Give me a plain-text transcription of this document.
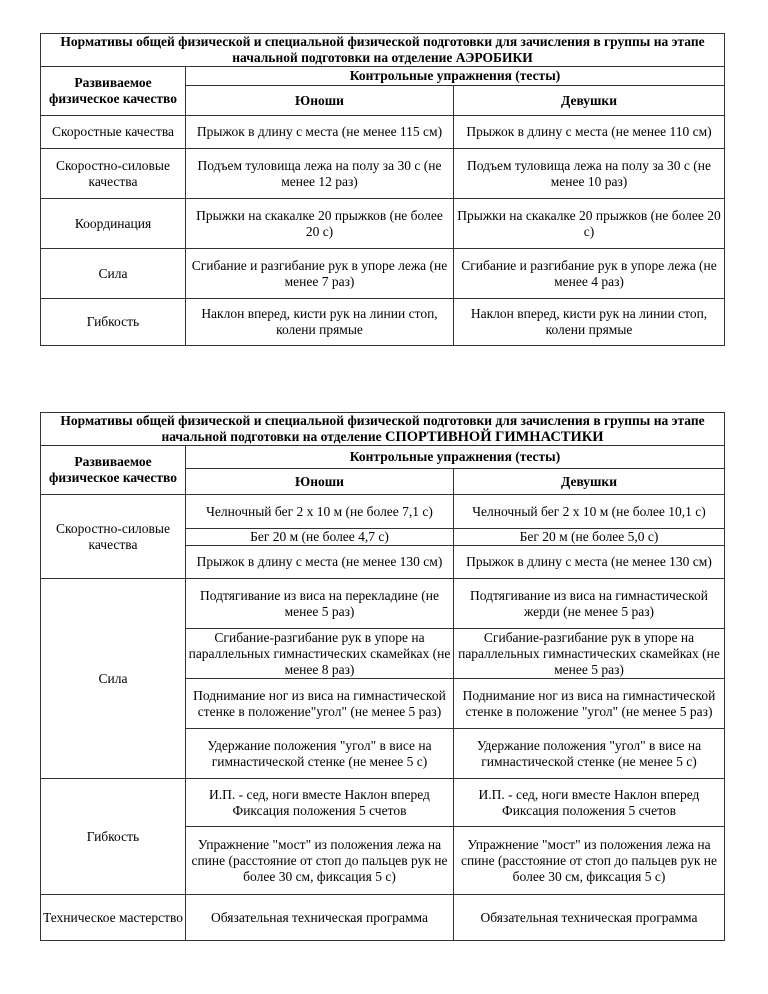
Нормативы общей физической и специальной физической подготовки для зачисления в группы на этапе начальной подготовки на отделение АЭРОБИКИ		
Развиваемое физическое качество	Контрольные упражнения (тесты)	
	Юноши	Девушки
Скоростные качества	Прыжок в длину с места (не менее 115 см)	Прыжок в длину с места (не менее 110 см)
Скоростно-силовые качества	Подъем туловища лежа на полу за 30 с (не менее 12 раз)	Подъем туловища лежа на полу за 30 с (не менее 10 раз)
Координация	Прыжки на скакалке 20 прыжков (не более 20 с)	Прыжки на скакалке 20 прыжков (не более 20 с)
Сила	Сгибание и разгибание рук в упоре лежа (не менее 7 раз)	Сгибание и разгибание рук в упоре лежа (не менее 4 раз)
Гибкость	Наклон вперед, кисти рук на линии стоп, колени прямые	Наклон вперед, кисти рук на линии стоп, колени прямые
Нормативы общей физической и специальной физической подготовки для зачисления в группы на этапе начальной подготовки на отделение СПОРТИВНОЙ ГИМНАСТИКИ		
Развиваемое физическое качество	Контрольные упражнения (тесты)	
	Юноши	Девушки
Скоростно-силовые качества	Челночный бег 2 х 10 м (не более 7,1 с)	Челночный бег 2 х 10 м (не более 10,1 с)
	Бег 20 м (не более 4,7 с)	Бег 20 м (не более 5,0 с)
	Прыжок в длину с места (не менее 130 см)	Прыжок в длину с места (не менее 130 см)
Сила	Подтягивание из виса на перекладине (не менее 5 раз)	Подтягивание из виса на гимнастической жерди (не менее 5 раз)
	Сгибание-разгибание рук в упоре на параллельных гимнастических скамейках (не менее 8 раз)	Сгибание-разгибание рук в упоре на параллельных гимнастических скамейках (не менее 5 раз)
	Поднимание ног из виса на гимнастической стенке в положение"угол" (не менее 5 раз)	Поднимание ног из виса на гимнастической стенке в положение "угол" (не менее 5 раз)
	Удержание положения "угол" в висе на гимнастической стенке (не менее 5 с)	Удержание положения "угол" в висе на гимнастической стенке (не менее 5 с)
Гибкость	И.П. - сед, ноги вместе Наклон вперед Фиксация положения 5 счетов	И.П. - сед, ноги вместе Наклон вперед Фиксация положения 5 счетов
	Упражнение "мост" из положения лежа на спине (расстояние от стоп до пальцев рук не более 30 см, фиксация 5 с)	Упражнение "мост" из положения лежа на спине (расстояние от стоп до пальцев рук не более 30 см, фиксация 5 с)
Техническое мастерство	Обязательная техническая программа	Обязательная техническая программа
